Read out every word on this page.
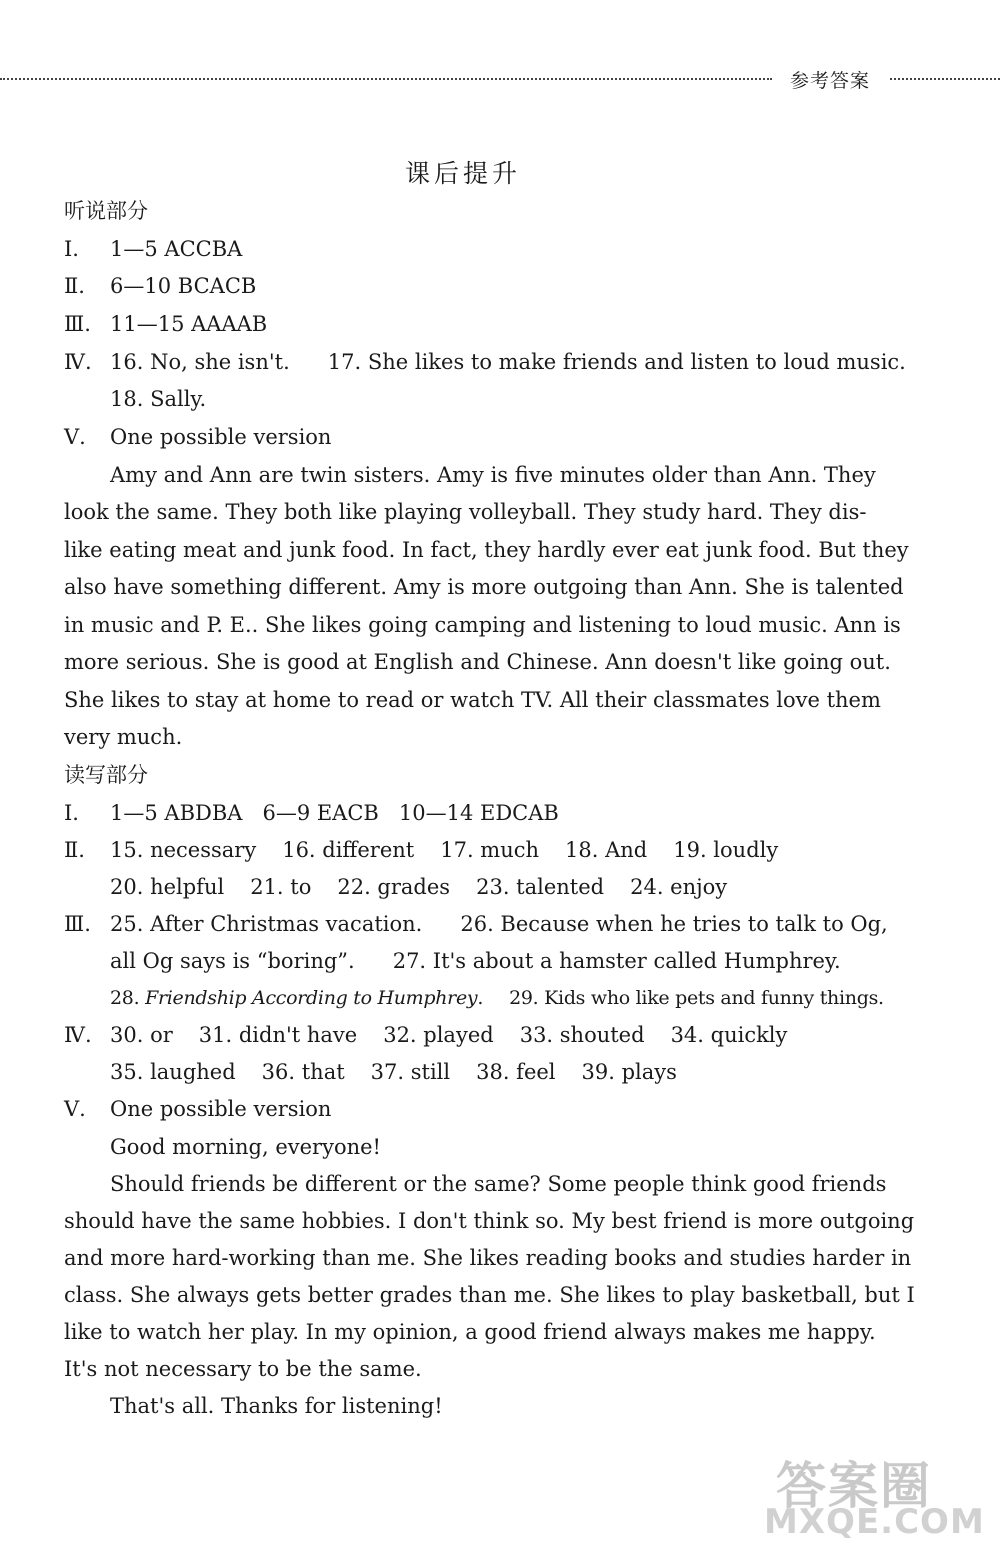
参考答案
课后提升
听说部分
Ⅰ.	1—5 ACCBA
Ⅱ.	6—10 BCACB
Ⅲ. 11—15 AAAAB
Ⅳ. 16. No, she isn't. 17. She likes to make friends and listen to loud music.
18. Sally.
Ⅴ.	One possible version
Amy and Ann are twin sisters. Amy is five minutes older than Ann. They
look the same. They both like playing volleyball. They study hard. They dis-
like eating meat and junk food. In fact, they hardly ever eat junk food. But they
also have something different. Amy is more outgoing than Ann. She is talented
in music and P. E.. She likes going camping and listening to loud music. Ann is
more serious. She is good at English and Chinese. Ann doesn't like going out.
She likes to stay at home to read or watch TV. All their classmates love them
very much.
读写部分
Ⅰ.	1—5 ABDBA   6—9 EACB   10—14 EDCAB
Ⅱ.	15. necessary 16. different 17. much 18. And 19. loudly
20. helpful 21. to 22. grades 23. talented 24. enjoy
Ⅲ. 25. After Christmas vacation. 26. Because when he tries to talk to Og,
all Og says is “boring”. 27. It's about a hamster called Humphrey.
28. Friendship According to Humphrey. 29. Kids who like pets and funny things.
Ⅳ. 30. or 31. didn't have 32. played 33. shouted 34. quickly
35. laughed 36. that 37. still 38. feel 39. plays
Ⅴ.	One possible version
Good morning, everyone!
Should friends be different or the same? Some people think good friends
should have the same hobbies. I don't think so. My best friend is more outgoing
and more hard-working than me. She likes reading books and studies harder in
class. She always gets better grades than me. She likes to play basketball, but I
like to watch her play. In my opinion, a good friend always makes me happy.
It's not necessary to be the same.
That's all. Thanks for listening!
答案圈
MXQE.COM
